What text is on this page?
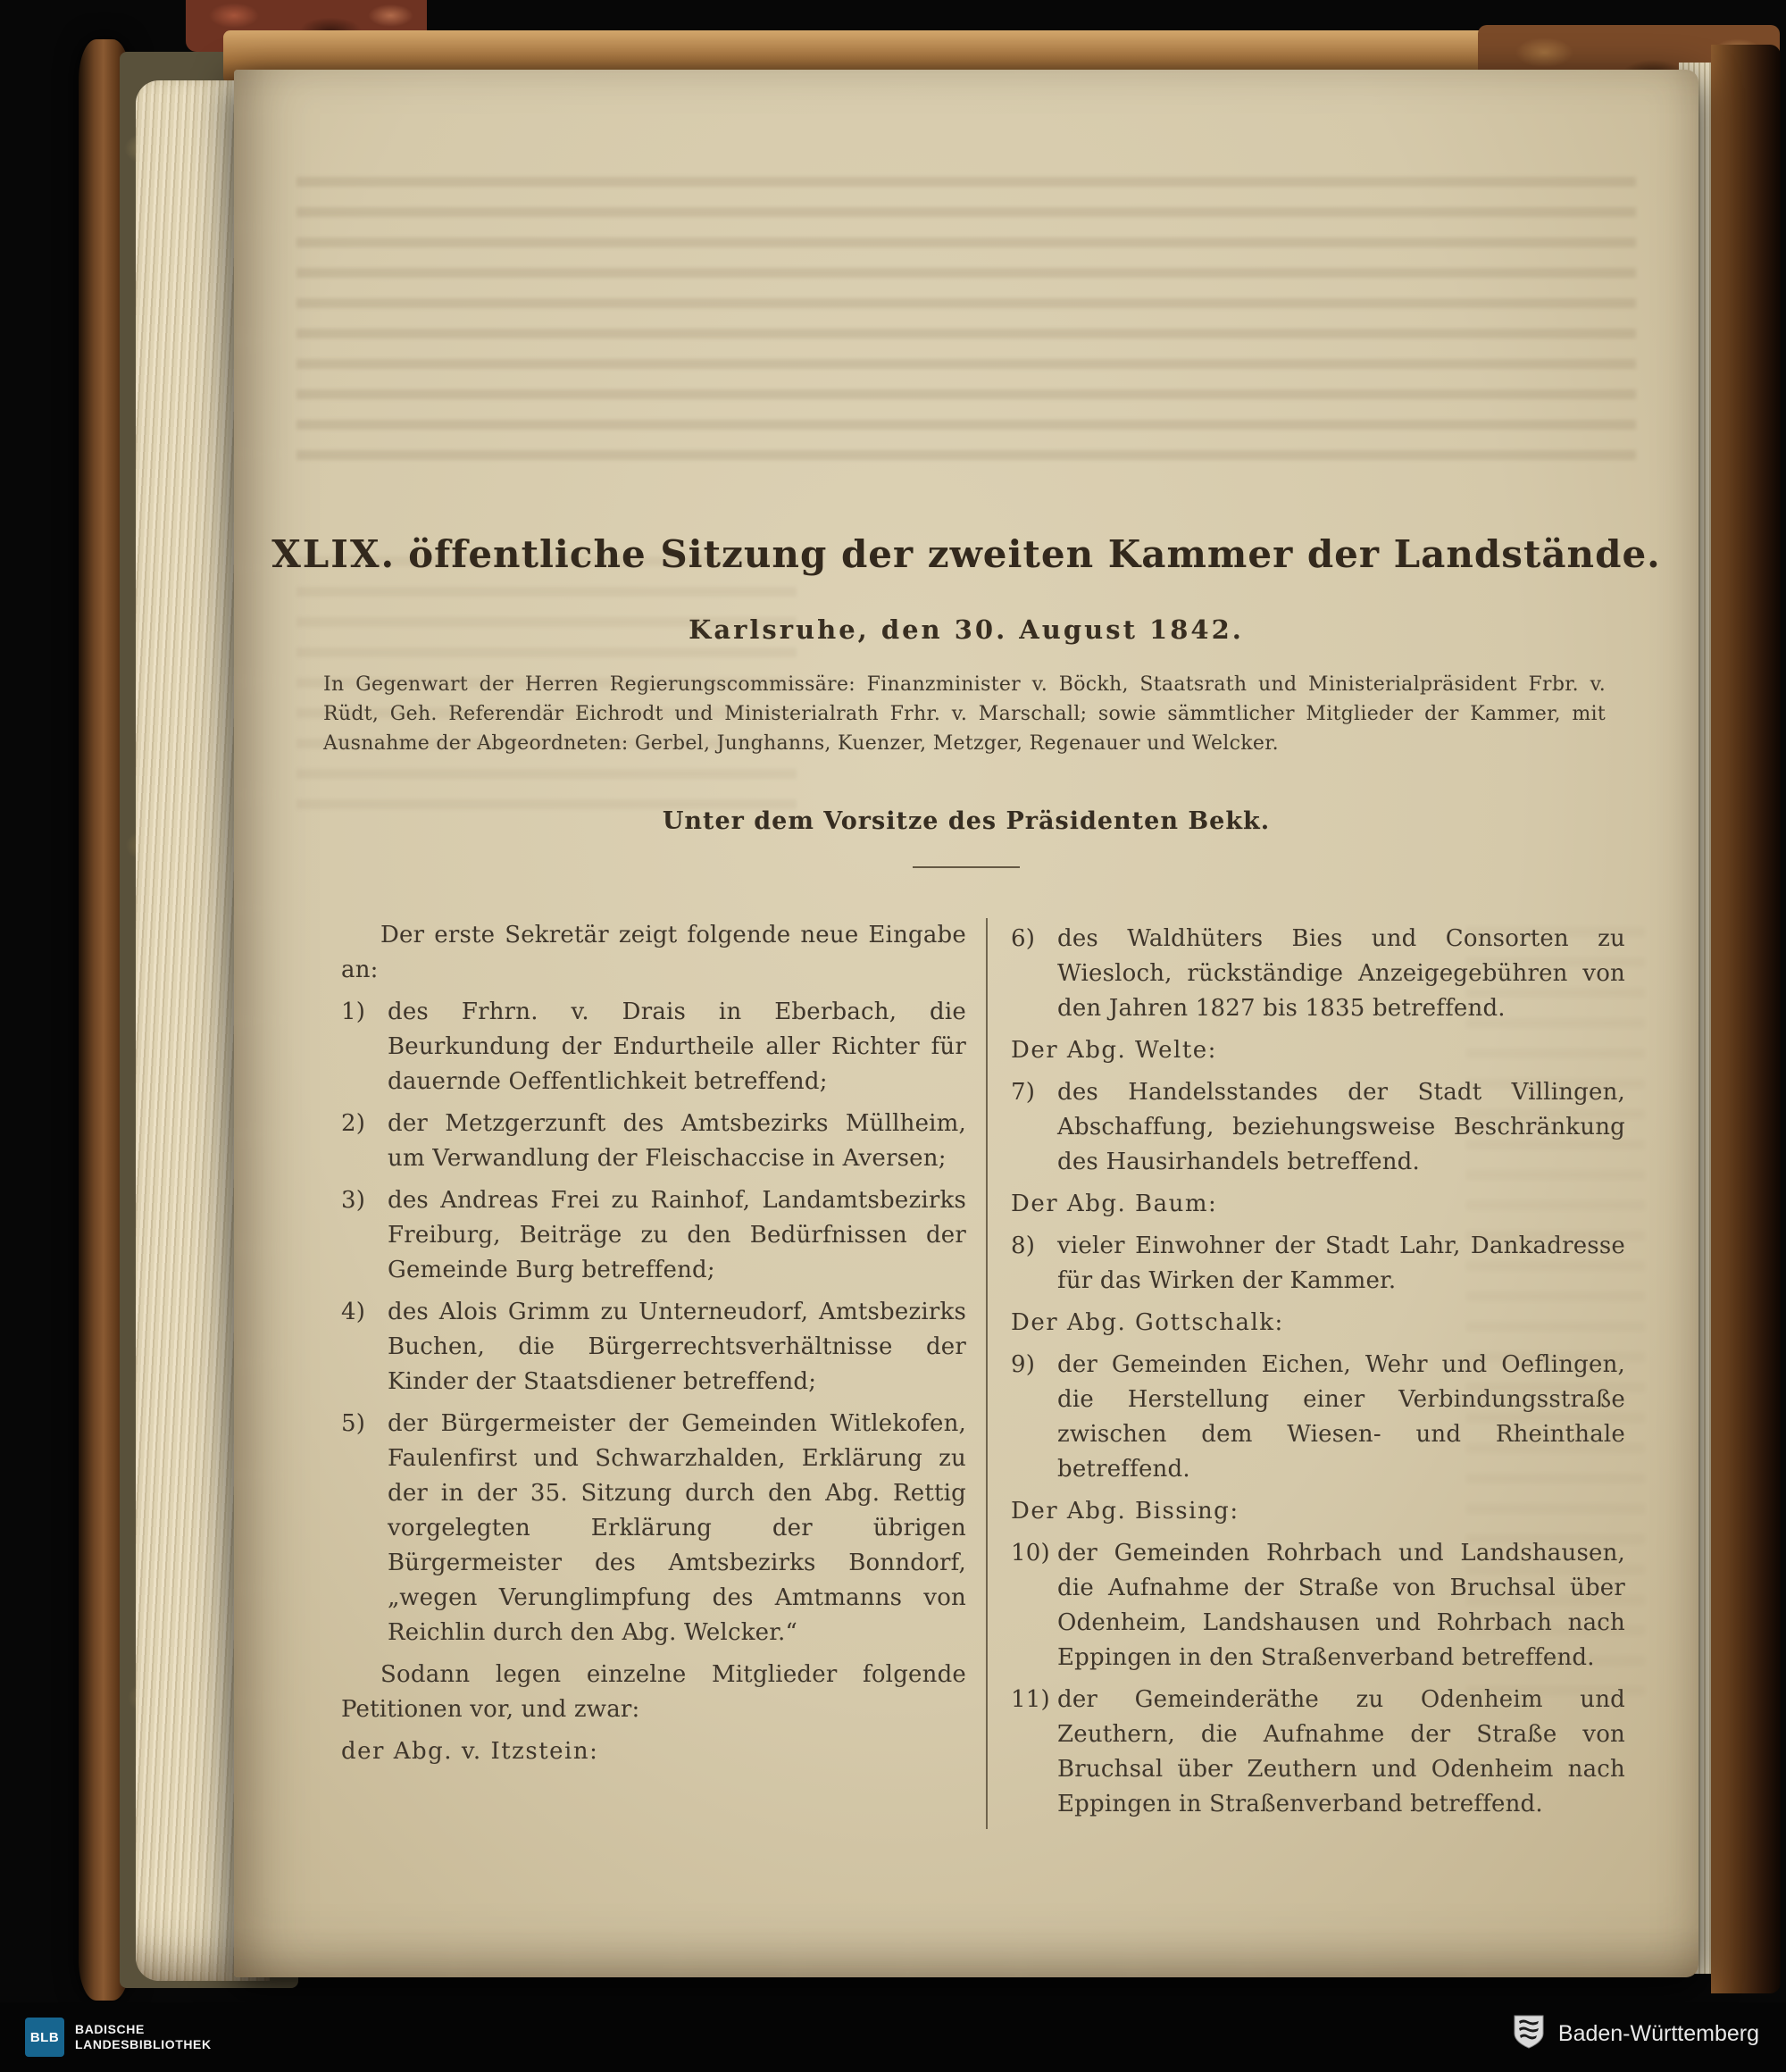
XLIX. öffentliche Sitzung der zweiten Kammer der Landstände.
Karlsruhe, den 30. August 1842.
In Gegenwart der Herren Regierungscommissäre: Finanzminister v. Böckh, Staatsrath und Ministerialpräsident Frbr. v. Rüdt, Geh. Referendär Eichrodt und Ministerialrath Frhr. v. Marschall; sowie sämmtlicher Mitglieder der Kammer, mit Ausnahme der Abgeordneten: Gerbel, Junghanns, Kuenzer, Metzger, Regenauer und Welcker.
Unter dem Vorsitze des Präsidenten Bekk.

Der erste Sekretär zeigt folgende neue Eingabe an:

1) des Frhrn. v. Drais in Eberbach, die Beurkundung der Endurtheile aller Richter für dauernde Oeffentlichkeit betreffend;
2) der Metzgerzunft des Amtsbezirks Müllheim, um Verwandlung der Fleischaccise in Aversen;
3) des Andreas Frei zu Rainhof, Landamtsbezirks Freiburg, Beiträge zu den Bedürfnissen der Gemeinde Burg betreffend;
4) des Alois Grimm zu Unterneudorf, Amtsbezirks Buchen, die Bürgerrechtsverhältnisse der Kinder der Staatsdiener betreffend;
5) der Bürgermeister der Gemeinden Witlekofen, Faulenfirst und Schwarzhalden, Erklärung zu der in der 35. Sitzung durch den Abg. Rettig vorgelegten Erklärung der übrigen Bürgermeister des Amtsbezirks Bonndorf, „wegen Verunglimpfung des Amtmanns von Reichlin durch den Abg. Welcker.“

Sodann legen einzelne Mitglieder folgende Petitionen vor, und zwar:

der Abg. v. Itzstein:

6) des Waldhüters Bies und Consorten zu Wiesloch, rückständige Anzeigegebühren von den Jahren 1827 bis 1835 betreffend.

Der Abg. Welte:

7) des Handelsstandes der Stadt Villingen, Abschaffung, beziehungsweise Beschränkung des Hausirhandels betreffend.

Der Abg. Baum:

8) vieler Einwohner der Stadt Lahr, Dankadresse für das Wirken der Kammer.

Der Abg. Gottschalk:

9) der Gemeinden Eichen, Wehr und Oeflingen, die Herstellung einer Verbindungsstraße zwischen dem Wiesen- und Rheinthale betreffend.

Der Abg. Bissing:

10) der Gemeinden Rohrbach und Landshausen, die Aufnahme der Straße von Bruchsal über Odenheim, Landshausen und Rohrbach nach Eppingen in den Straßenverband betreffend.
11) der Gemeinderäthe zu Odenheim und Zeuthern, die Aufnahme der Straße von Bruchsal über Zeuthern und Odenheim nach Eppingen in Straßenverband betreffend.
BLB
BADISCHE
LANDESBIBLIOTHEK	Baden-Württemberg
